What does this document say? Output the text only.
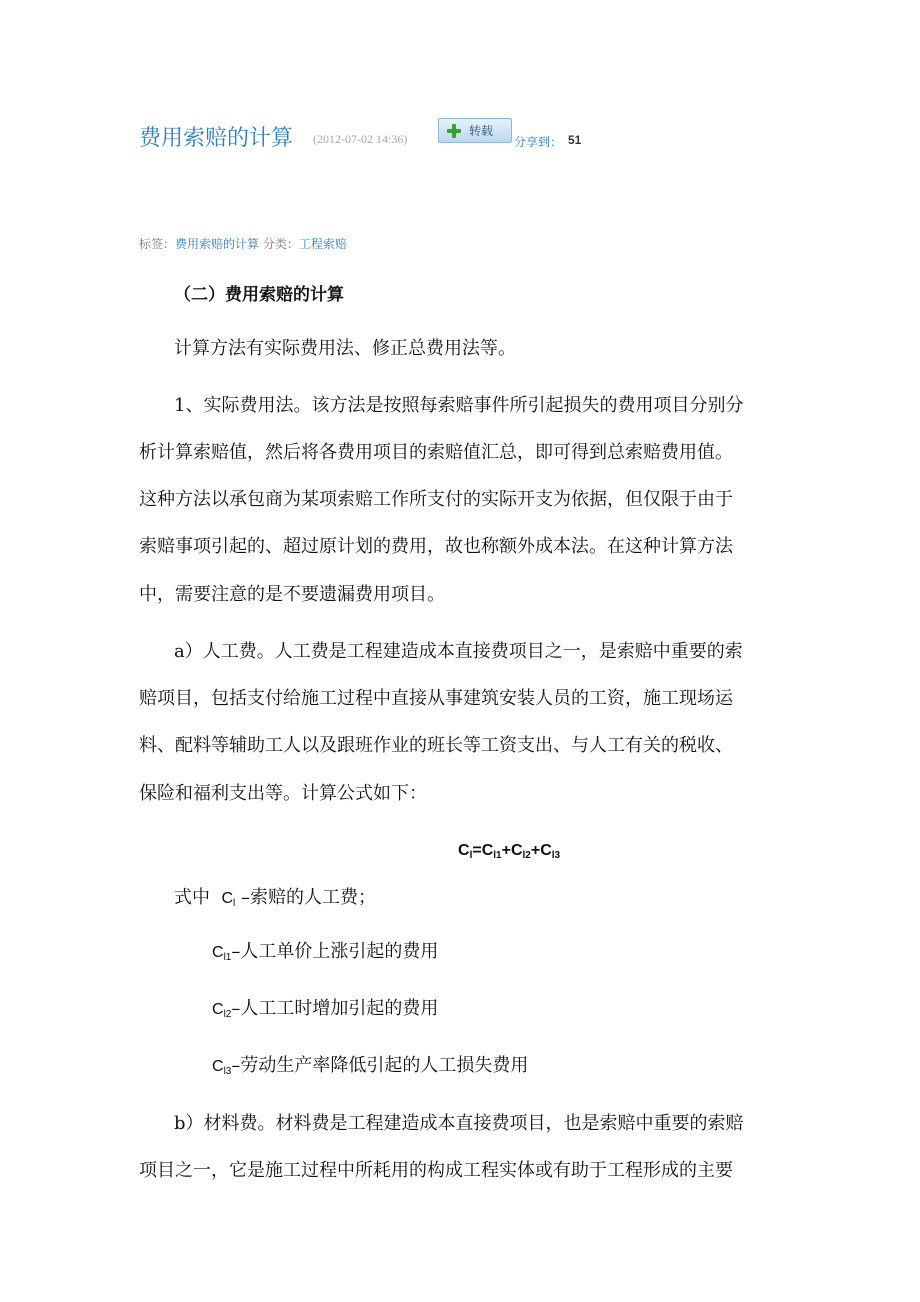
费用索赔的计算 (2012-07-02 14:36)
转载
分享到： 51
标签：费用索赔的计算 分类：工程索赔
（二）费用索赔的计算
计算方法有实际费用法、修正总费用法等。
1、实际费用法。该方法是按照每索赔事件所引起损失的费用项目分别分
析计算索赔值，然后将各费用项目的索赔值汇总，即可得到总索赔费用值。
这种方法以承包商为某项索赔工作所支付的实际开支为依据，但仅限于由于
索赔事项引起的、超过原计划的费用，故也称额外成本法。在这种计算方法
中，需要注意的是不要遗漏费用项目。
a）人工费。人工费是工程建造成本直接费项目之一，是索赔中重要的索
赔项目，包括支付给施工过程中直接从事建筑安装人员的工资，施工现场运
料、配料等辅助工人以及跟班作业的班长等工资支出、与人工有关的税收、
保险和福利支出等。计算公式如下：
$C_l=C_{l1}+C_{l2}+C_{l3}$
式中 $C_l$ –索赔的人工费；
$C_{l1}-$人工单价上涨引起的费用
$C_{l2}-$人工工时增加引起的费用
$C_{l3}-$劳动生产率降低引起的人工损失费用
b）材料费。材料费是工程建造成本直接费项目，也是索赔中重要的索赔
项目之一，它是施工过程中所耗用的构成工程实体或有助于工程形成的主要
